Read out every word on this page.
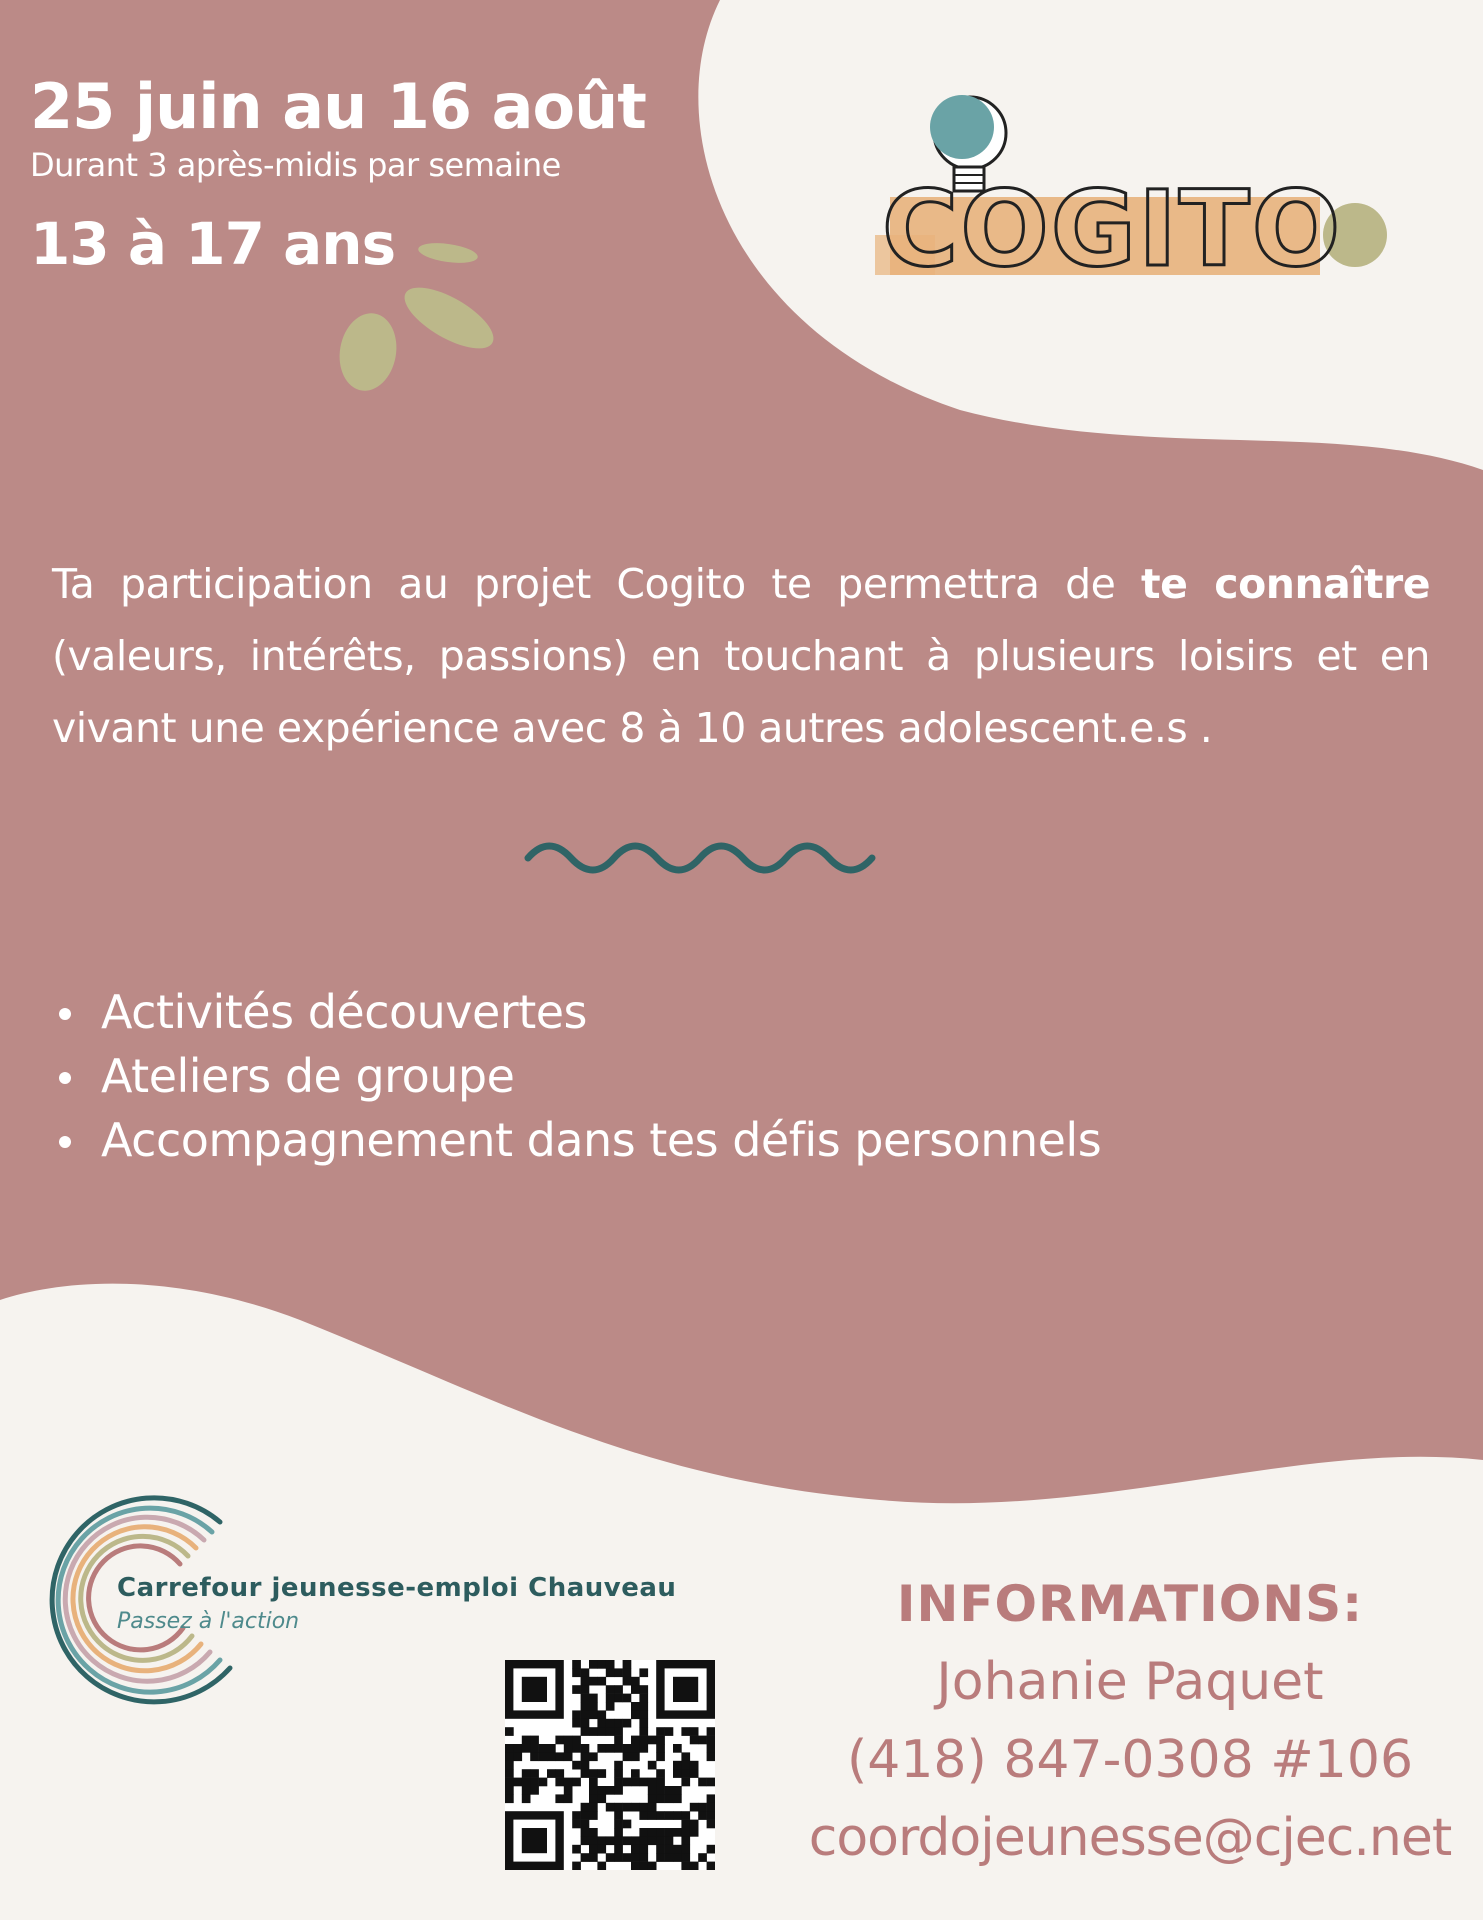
25 juin au 16 août
Durant 3 après-midis par semaine
13 à 17 ans	COGITO
Ta participation au projet Cogito te permettra de te connaître (valeurs, intérêts, passions) en touchant à plusieurs loisirs et en vivant une expérience avec 8 à 10 autres adolescent.e.s .
Activités découvertes
Ateliers de groupe
Accompagnement dans tes défis personnels
Carrefour jeunesse-emploi Chauveau
Passez à l'action	INFORMATIONS:
Johanie Paquet
(418) 847-0308 #106
coordojeunesse@cjec.net
